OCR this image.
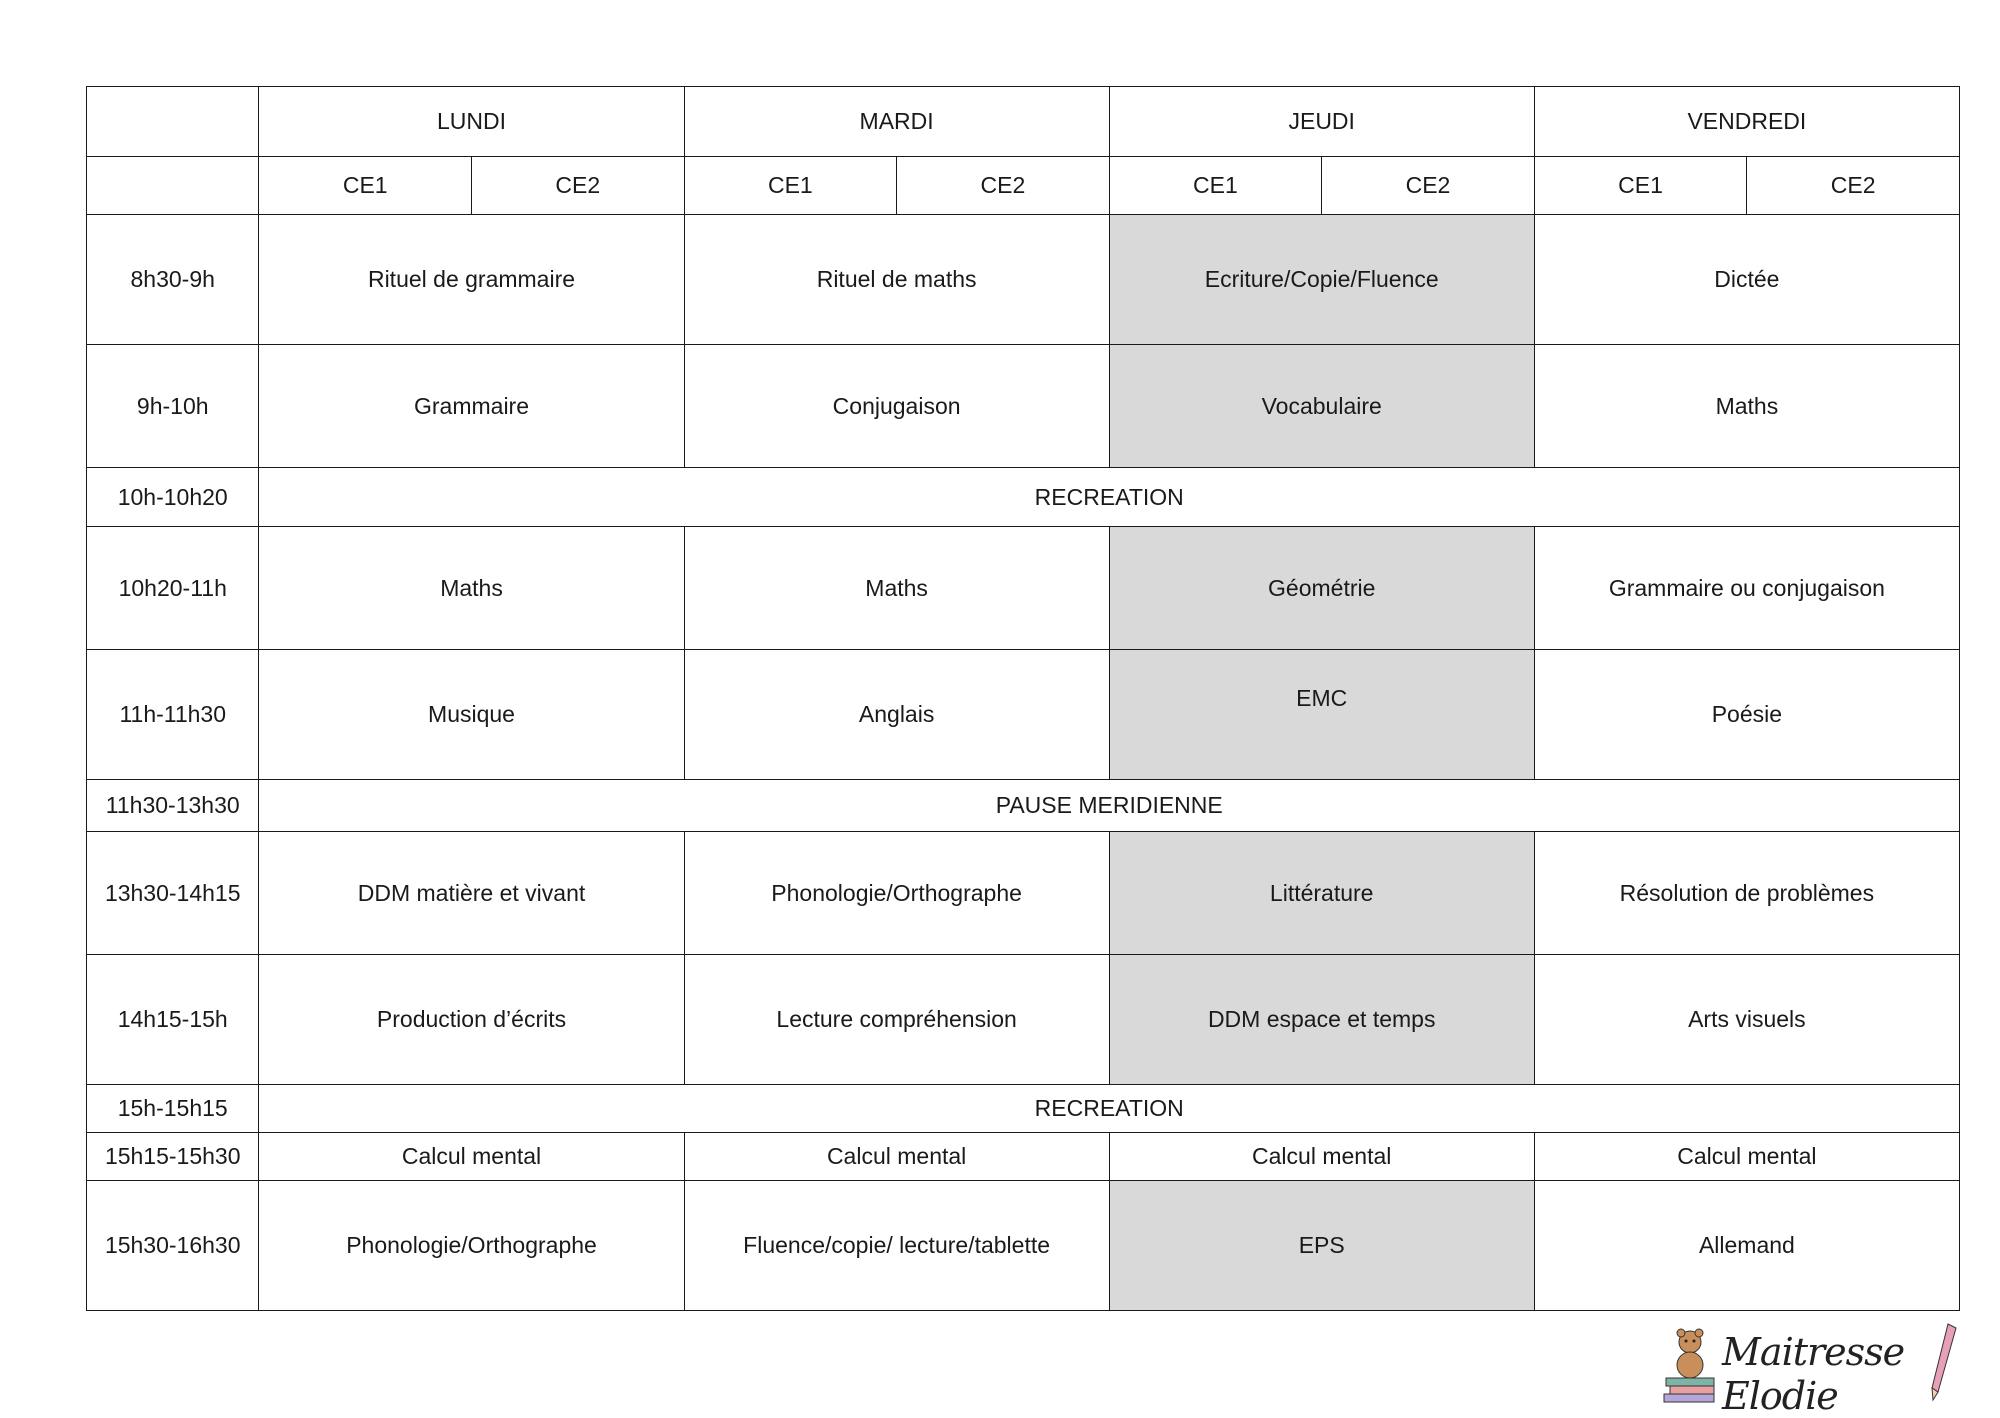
	LUNDI		MARDI		JEUDI		VENDREDI	
	CE1	CE2	CE1	CE2	CE1	CE2	CE1	CE2
8h30-9h	Rituel de grammaire		Rituel de maths		Ecriture/Copie/Fluence		Dictée	
9h-10h	Grammaire		Conjugaison		Vocabulaire		Maths	
10h-10h20	RECREATION							
10h20-11h	Maths		Maths		Géométrie		Grammaire ou conjugaison	
11h-11h30	Musique		Anglais		EMC		Poésie	
11h30-13h30	PAUSE MERIDIENNE							
13h30-14h15	DDM matière et vivant		Phonologie/Orthographe		Littérature		Résolution de problèmes	
14h15-15h	Production d’écrits		Lecture compréhension		DDM espace et temps		Arts visuels	
15h-15h15	RECREATION							
15h15-15h30	Calcul mental		Calcul mental		Calcul mental		Calcul mental	
15h30-16h30	Phonologie/Orthographe		Fluence/copie/ lecture/tablette		EPS		Allemand	
Maitresse Elodie
